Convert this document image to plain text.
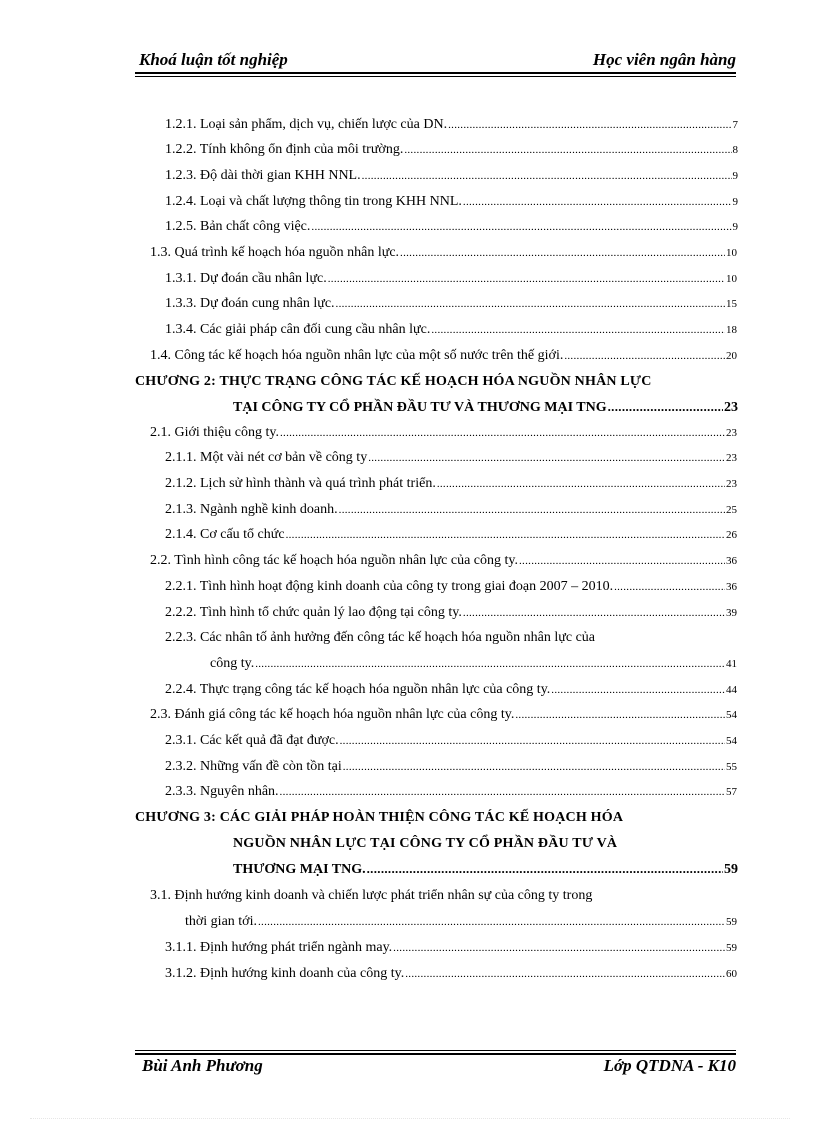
Khoá luận tốt nghiệp	Học viên ngân hàng
1.2.1. Loại sản phẩm, dịch vụ, chiến lược của DN. .....	7
1.2.2. Tính không ổn định của môi trường. .....	8
1.2.3. Độ dài thời gian KHH NNL. .....	9
1.2.4. Loại và chất lượng thông tin trong KHH NNL. .....	9
1.2.5. Bản chất công việc. .....	9
1.3. Quá trình kế hoạch hóa nguồn nhân lực. .....	10
1.3.1. Dự đoán cầu nhân lực. .....	10
1.3.3. Dự đoán cung nhân lực. .....	15
1.3.4. Các giải pháp cân đối cung cầu nhân lực. .....	18
1.4. Công tác kế hoạch hóa nguồn nhân lực của một số nước trên thế giới. .....	20
CHƯƠNG 2: THỰC TRẠNG CÔNG TÁC KẾ HOẠCH HÓA NGUỒN NHÂN LỰC
TẠI CÔNG TY CỔ PHẦN ĐẦU TƯ VÀ THƯƠNG MẠI TNG .....	23
2.1. Giới thiệu công ty. .....	23
2.1.1. Một vài nét cơ bản về công ty .....	23
2.1.2. Lịch sử hình thành và quá trình phát triển. .....	23
2.1.3. Ngành nghề kinh doanh. .....	25
2.1.4. Cơ cấu tổ chức .....	26
2.2. Tình hình công tác kế hoạch hóa nguồn nhân lực của công ty. .....	36
2.2.1. Tình hình hoạt động kinh doanh của công ty trong giai đoạn 2007 – 2010. .....	36
2.2.2. Tình hình tổ chức quản lý lao động tại công ty. .....	39
2.2.3. Các nhân tố ảnh hưởng đến công tác kế hoạch hóa nguồn nhân lực của
công ty. .....	41
2.2.4. Thực trạng công tác kế hoạch hóa nguồn nhân lực của công ty. .....	44
2.3. Đánh giá công tác kế hoạch hóa nguồn nhân lực của công ty. .....	54
2.3.1. Các kết quả đã đạt được. .....	54
2.3.2. Những vấn đề còn tồn tại .....	55
2.3.3. Nguyên nhân. .....	57
CHƯƠNG 3: CÁC GIẢI PHÁP HOÀN THIỆN CÔNG TÁC KẾ HOẠCH HÓA
NGUỒN NHÂN LỰC TẠI CÔNG TY CỔ PHẦN ĐẦU TƯ VÀ
THƯƠNG MẠI TNG. .....	59
3.1. Định hướng kinh doanh và chiến lược phát triển nhân sự của công ty trong
thời gian tới. .....	59
3.1.1. Định hướng phát triển ngành may. .....	59
3.1.2. Định hướng kinh doanh của công ty. .....	60
Bùi Anh Phương	Lớp QTDNA - K10
